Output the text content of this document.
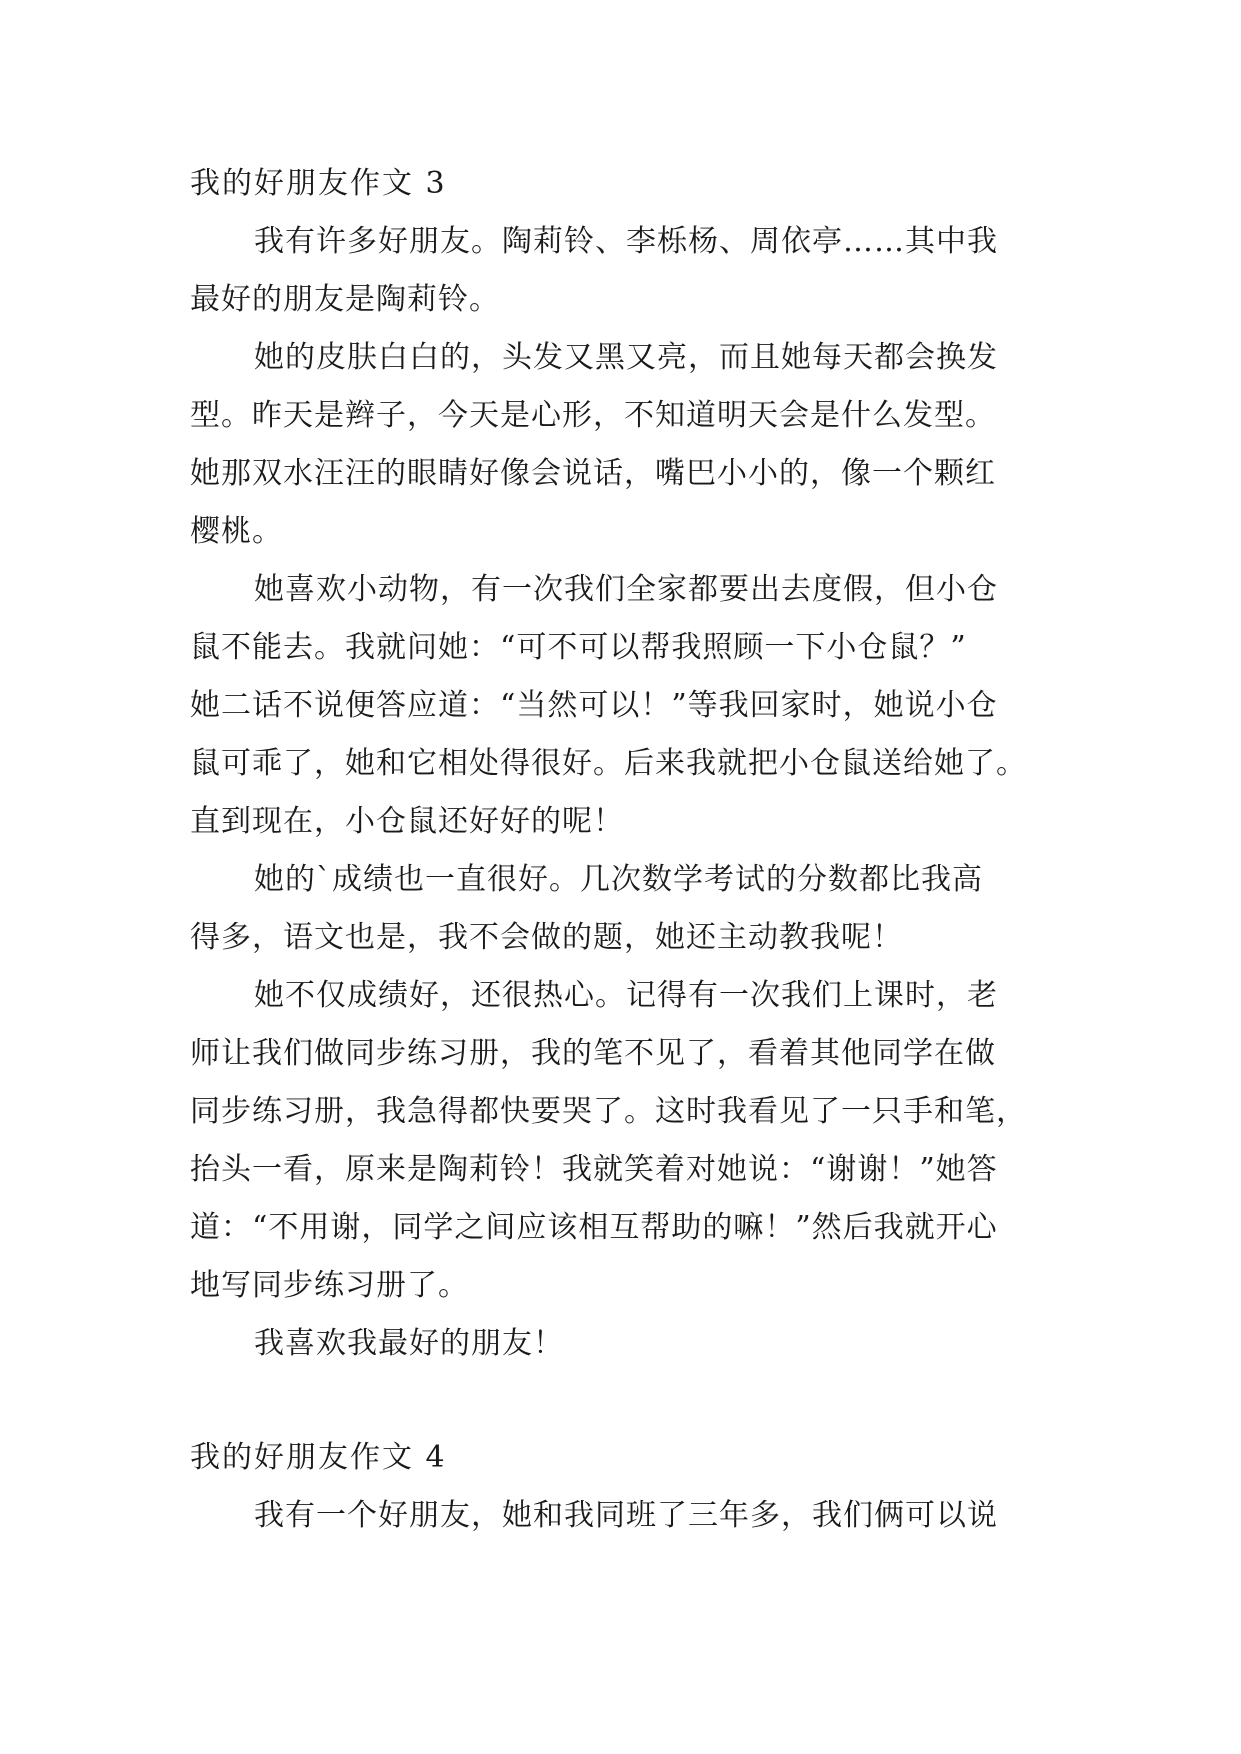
我的好朋友作文 3

我有许多好朋友。陶莉铃、李栎杨、周依亭……其中我

最好的朋友是陶莉铃。

她的皮肤白白的，头发又黑又亮，而且她每天都会换发

型。昨天是辫子，今天是心形，不知道明天会是什么发型。

她那双水汪汪的眼睛好像会说话，嘴巴小小的，像一个颗红

樱桃。

她喜欢小动物，有一次我们全家都要出去度假，但小仓

鼠不能去。我就问她：“可不可以帮我照顾一下小仓鼠？”

她二话不说便答应道：“当然可以！”等我回家时，她说小仓

鼠可乖了，她和它相处得很好。后来我就把小仓鼠送给她了。

直到现在，小仓鼠还好好的呢！

她的`成绩也一直很好。几次数学考试的分数都比我高

得多，语文也是，我不会做的题，她还主动教我呢！

她不仅成绩好，还很热心。记得有一次我们上课时，老

师让我们做同步练习册，我的笔不见了，看着其他同学在做

同步练习册，我急得都快要哭了。这时我看见了一只手和笔，

抬头一看，原来是陶莉铃！我就笑着对她说：“谢谢！”她答

道：“不用谢，同学之间应该相互帮助的嘛！”然后我就开心

地写同步练习册了。

我喜欢我最好的朋友！

我的好朋友作文 4

我有一个好朋友，她和我同班了三年多，我们俩可以说
